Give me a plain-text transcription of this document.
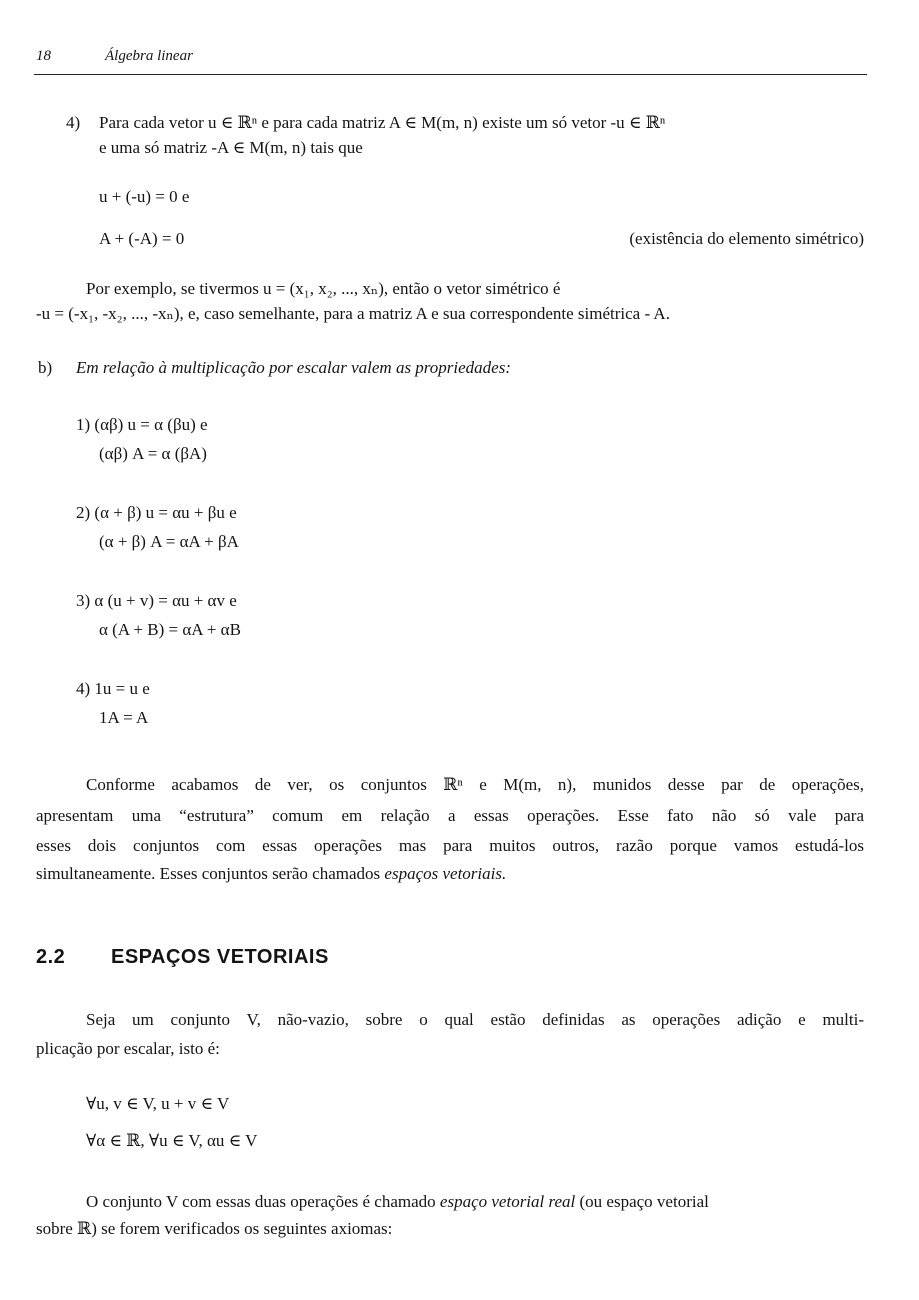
18	Álgebra linear
4) Para cada vetor u ∈ ℝⁿ e para cada matriz A ∈ M(m, n) existe um só vetor -u ∈ ℝⁿ
e uma só matriz -A ∈ M(m, n) tais que
u + (-u) = 0 e
A + (-A) = 0	(existência do elemento simétrico)
Por exemplo, se tivermos u = (x₁, x₂, ..., xₙ), então o vetor simétrico é
-u = (-x₁, -x₂, ..., -xₙ), e, caso semelhante, para a matriz A e sua correspondente simétrica - A.
b) Em relação à multiplicação por escalar valem as propriedades:
1) (αβ) u = α (βu) e
(αβ) A = α (βA)
2) (α + β) u = αu + βu e
(α + β) A = αA + βA
3) α (u + v) = αu + αv e
α (A + B) = αA + αB
4) 1u = u e
1A = A
Conforme acabamos de ver, os conjuntos ℝⁿ e M(m, n), munidos desse par de operações,
apresentam uma “estrutura” comum em relação a essas operações. Esse fato não só vale para
esses dois conjuntos com essas operações mas para muitos outros, razão porque vamos estudá-los
simultaneamente. Esses conjuntos serão chamados espaços vetoriais.
2.2 ESPAÇOS VETORIAIS
Seja um conjunto V, não-vazio, sobre o qual estão definidas as operações adição e multi-
plicação por escalar, isto é:
∀u, v ∈ V, u + v ∈ V
∀α ∈ ℝ, ∀u ∈ V, αu ∈ V
O conjunto V com essas duas operações é chamado espaço vetorial real (ou espaço vetorial
sobre ℝ) se forem verificados os seguintes axiomas:
